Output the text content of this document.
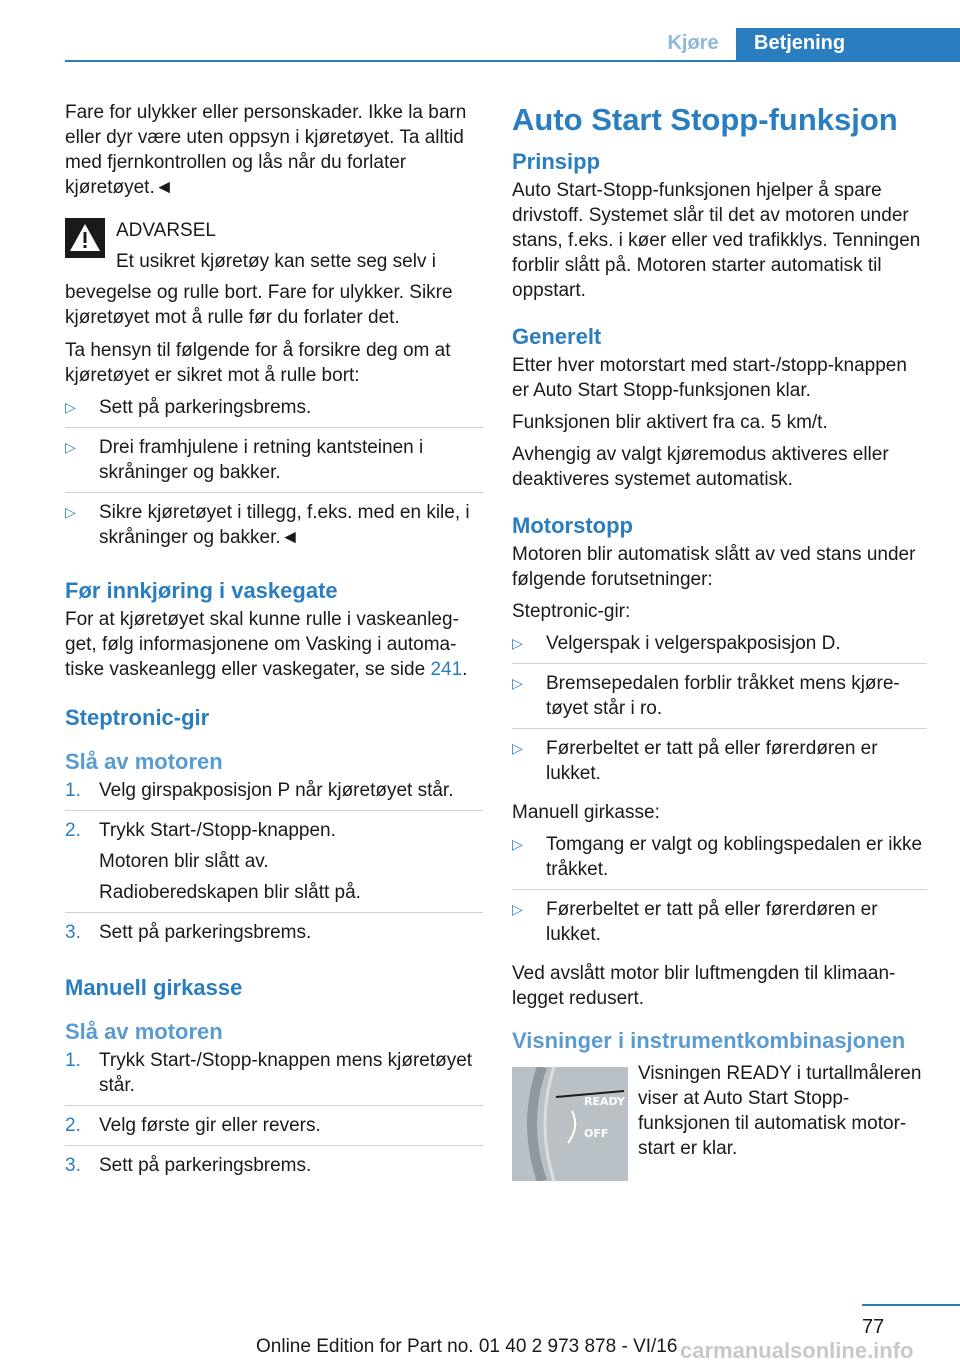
Kjøre	Betjening

Fare for ulykker eller personskader. Ikke la barn eller dyr være uten oppsyn i kjøretøyet. Ta alltid med fjernkontrollen og lås når du forlater kjøretøyet.◄

ADVARSEL
Et usikret kjøretøy kan sette seg selv i
bevegelse og rulle bort. Fare for ulykker. Sikre kjøretøyet mot å rulle før du forlater det.

Ta hensyn til følgende for å forsikre deg om at kjøretøyet er sikret mot å rulle bort:

▷	Sett på parkeringsbrems.
▷	Drei framhjulene i retning kantsteinen i skråninger og bakker.
▷	Sikre kjøretøyet i tillegg, f.eks. med en kile, i skråninger og bakker.◄
Før innkjøring i vaskegate

For at kjøretøyet skal kunne rulle i vaskeanlegget, følg informasjonene om Vasking i automatiske vaskeanlegg eller vaskegater, se side 241.

Steptronic-gir
Slå av motoren
1. Velg girspakposisjon P når kjøretøyet står.
2. Trykk Start-/Stopp-knappen.
Motoren blir slått av.
Radioberedskapen blir slått på.
3. Sett på parkeringsbrems.
Manuell girkasse
Slå av motoren
1. Trykk Start-/Stopp-knappen mens kjøretøyet står.
2. Velg første gir eller revers.
3. Sett på parkeringsbrems.
Auto Start Stopp-funksjon
Prinsipp

Auto Start-Stopp-funksjonen hjelper å spare drivstoff. Systemet slår til det av motoren under stans, f.eks. i køer eller ved trafikklys. Tenningen forblir slått på. Motoren starter automatisk til oppstart.

Generelt

Etter hver motorstart med start-/stopp-knappen er Auto Start Stopp-funksjonen klar.

Funksjonen blir aktivert fra ca. 5 km/t.

Avhengig av valgt kjøremodus aktiveres eller deaktiveres systemet automatisk.

Motorstopp

Motoren blir automatisk slått av ved stans under følgende forutsetninger:

Steptronic-gir:

▷	Velgerspak i velgerspakposisjon D.
▷	Bremsepedalen forblir tråkket mens kjøretøyet står i ro.
▷	Førerbeltet er tatt på eller førerdøren er lukket.

Manuell girkasse:

▷	Tomgang er valgt og koblingspedalen er ikke tråkket.
▷	Førerbeltet er tatt på eller førerdøren er lukket.

Ved avslått motor blir luftmengden til klimaanlegget redusert.

Visninger i instrumentkombinasjonen
READY
OFF
Visningen READY i turtallmåleren viser at Auto Start Stopp-funksjonen til automatisk motorstart er klar.
77
Online Edition for Part no. 01 40 2 973 878 - VI/16 carmanualsonline.info
